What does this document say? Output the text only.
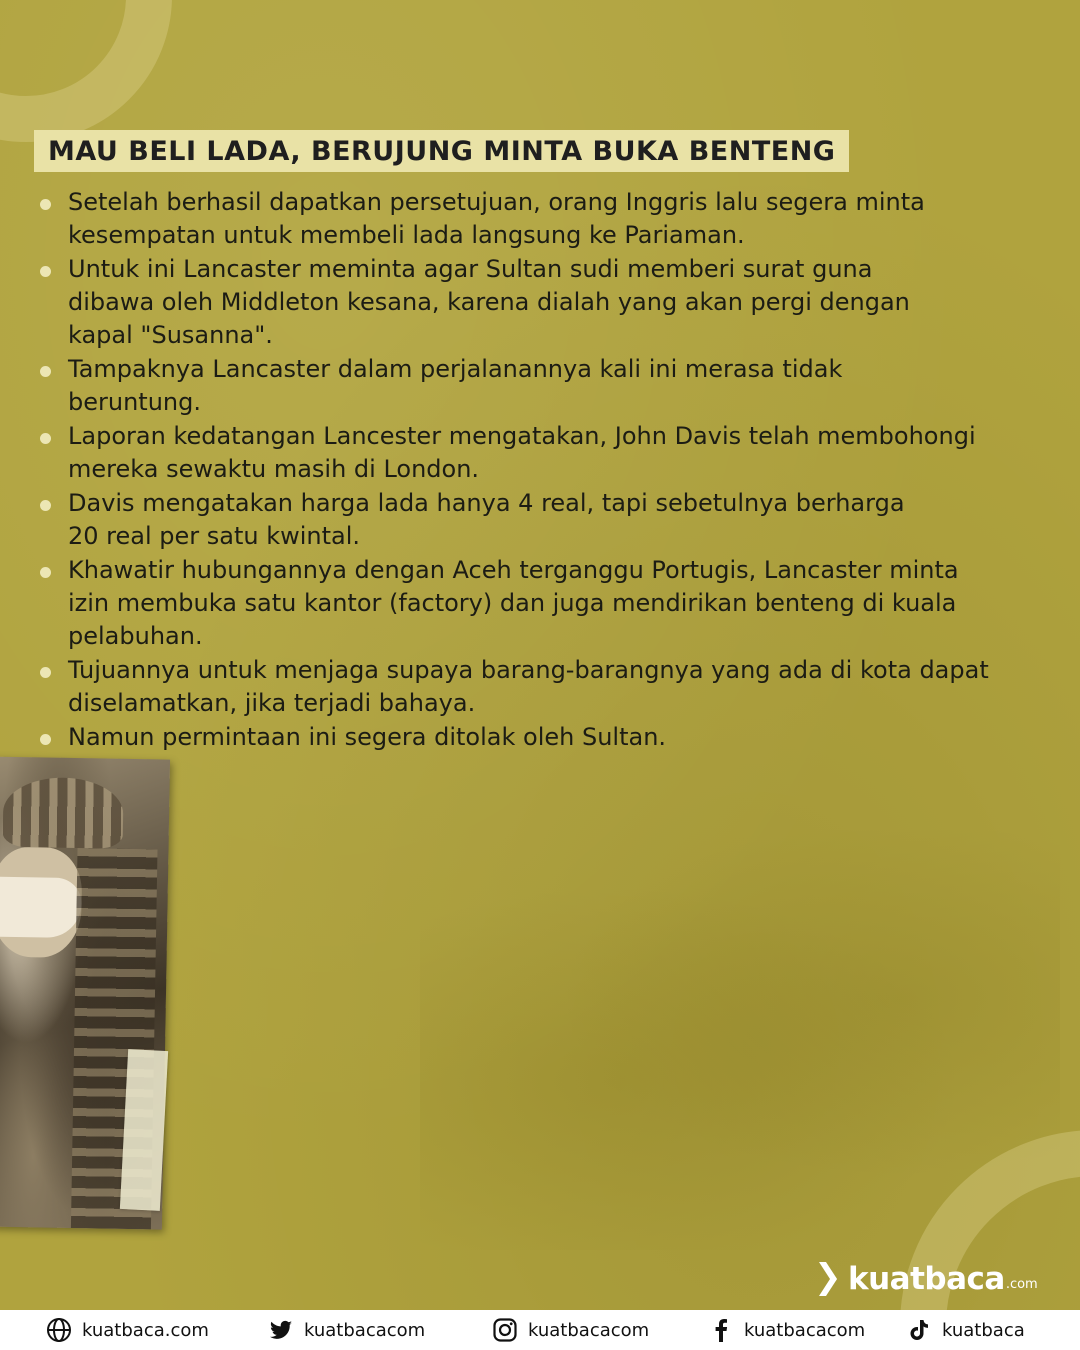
MAU BELI LADA, BERUJUNG MINTA BUKA BENTENG
Setelah berhasil dapatkan persetujuan, orang Inggris lalu segera minta
kesempatan untuk membeli lada langsung ke Pariaman.
Untuk ini Lancaster meminta agar Sultan sudi memberi surat guna
dibawa oleh Middleton kesana, karena dialah yang akan pergi dengan
kapal "Susanna".
Tampaknya Lancaster dalam perjalanannya kali ini merasa tidak
beruntung.
Laporan kedatangan Lancester mengatakan, John Davis telah membohongi
mereka sewaktu masih di London.
Davis mengatakan harga lada hanya 4 real, tapi sebetulnya berharga
20 real per satu kwintal.
Khawatir hubungannya dengan Aceh terganggu Portugis, Lancaster minta
izin membuka satu kantor (factory) dan juga mendirikan benteng di kuala
pelabuhan.
Tujuannya untuk menjaga supaya barang-barangnya yang ada di kota dapat
diselamatkan, jika terjadi bahaya.
Namun permintaan ini segera ditolak oleh Sultan.
kuatbaca .com
kuatbaca.com	kuatbacacom	kuatbacacom	kuatbacacom	kuatbaca
